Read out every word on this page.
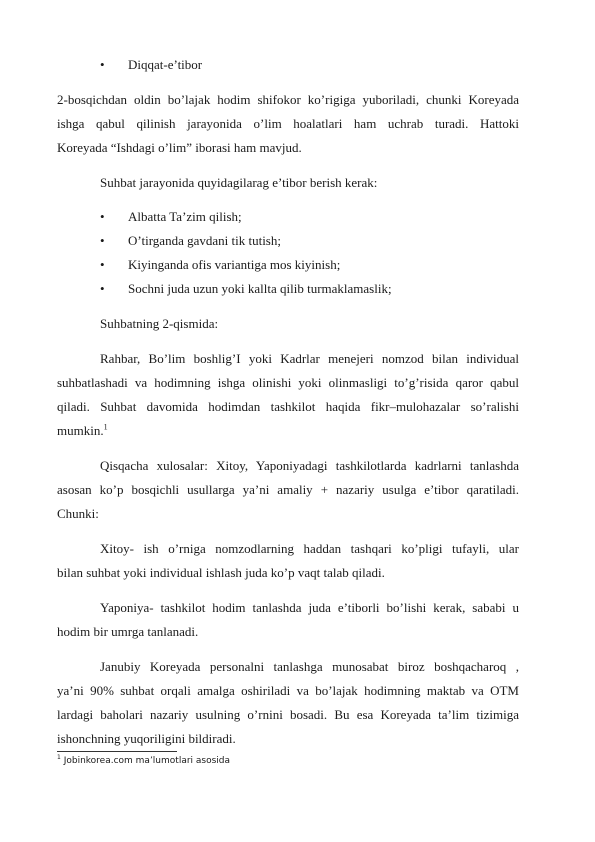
• Diqqat-e’tibor
2-bosqichdan oldin bo’lajak hodim shifokor ko’rigiga yuboriladi, chunki Koreyada
ishga qabul qilinish jarayonida o’lim hoalatlari ham uchrab turadi. Hattoki
Koreyada “Ishdagi o’lim” iborasi ham mavjud.
Suhbat jarayonida quyidagilarag e’tibor berish kerak:
• Albatta Ta’zim qilish;
• O’tirganda gavdani tik tutish;
• Kiyinganda ofis variantiga mos kiyinish;
• Sochni juda uzun yoki kallta qilib turmaklamaslik;
Suhbatning 2-qismida:
Rahbar, Bo’lim boshlig’I yoki Kadrlar menejeri nomzod bilan individual
suhbatlashadi va hodimning ishga olinishi yoki olinmasligi to’g’risida qaror qabul
qiladi. Suhbat davomida hodimdan tashkilot haqida fikr–mulohazalar so’ralishi
mumkin.$^1$
Qisqacha xulosalar: Xitoy, Yaponiyadagi tashkilotlarda kadrlarni tanlashda
asosan ko’p bosqichli usullarga ya’ni amaliy + nazariy usulga e’tibor qaratiladi.
Chunki:
Xitoy- ish o’rniga nomzodlarning haddan tashqari ko’pligi tufayli, ular
bilan suhbat yoki individual ishlash juda ko’p vaqt talab qiladi.
Yaponiya- tashkilot hodim tanlashda juda e’tiborli bo’lishi kerak, sababi u
hodim bir umrga tanlanadi.
Janubiy Koreyada personalni tanlashga munosabat biroz boshqacharoq ,
ya’ni 90% suhbat orqali amalga oshiriladi va bo’lajak hodimning maktab va OTM
lardagi baholari nazariy usulning o’rnini bosadi. Bu esa Koreyada ta’lim tizimiga
ishonchning yuqoriligini bildiradi.
$^1$ Jobinkorea.com ma’lumotlari asosida
